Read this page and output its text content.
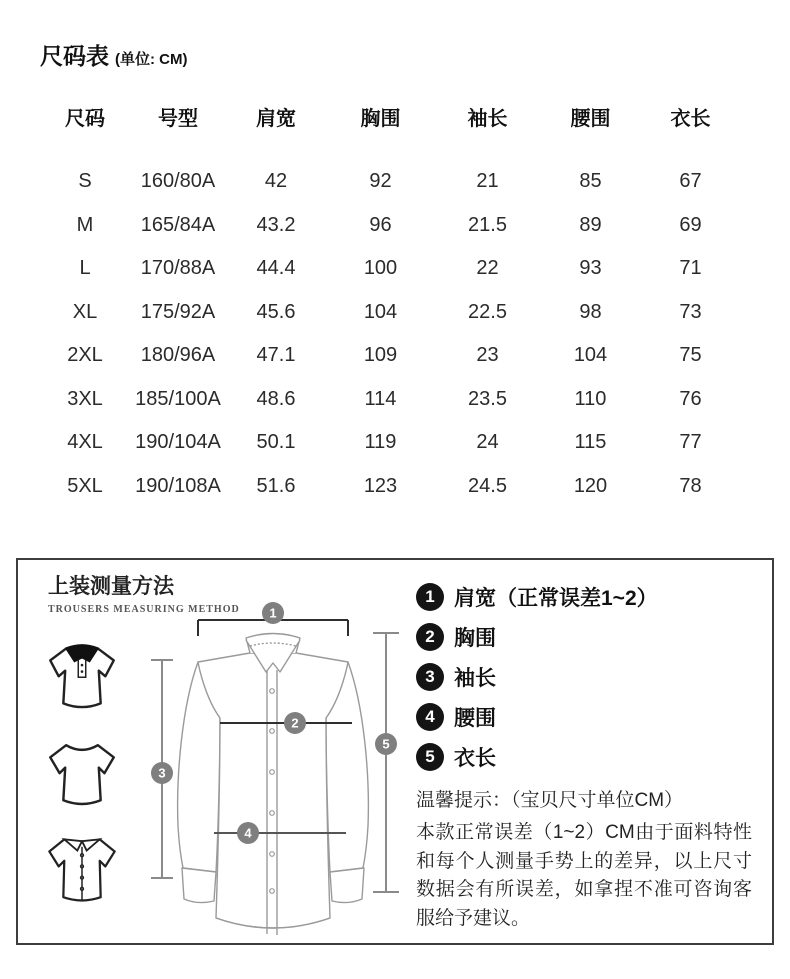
尺码表 (单位: CM)
尺码	号型	肩宽	胸围	袖长	腰围	衣长
S	160/80A	42	92	21	85	67
M	165/84A	43.2	96	21.5	89	69
L	170/88A	44.4	100	22	93	71
XL	175/92A	45.6	104	22.5	98	73
2XL	180/96A	47.1	109	23	104	75
3XL	185/100A	48.6	114	23.5	110	76
4XL	190/104A	50.1	119	24	115	77
5XL	190/108A	51.6	123	24.5	120	78
上装测量方法
TROUSERS MEASURING METHOD 1
2
3
4
5
1 肩宽（正常误差1~2）
2 胸围
3 袖长
4 腰围
5 衣长
温馨提示：（宝贝尺寸单位CM）
本款正常误差（1~2）CM由于面料特性和每个人测量手势上的差异，以上尺寸数据会有所误差，如拿捏不准可咨询客服给予建议。
